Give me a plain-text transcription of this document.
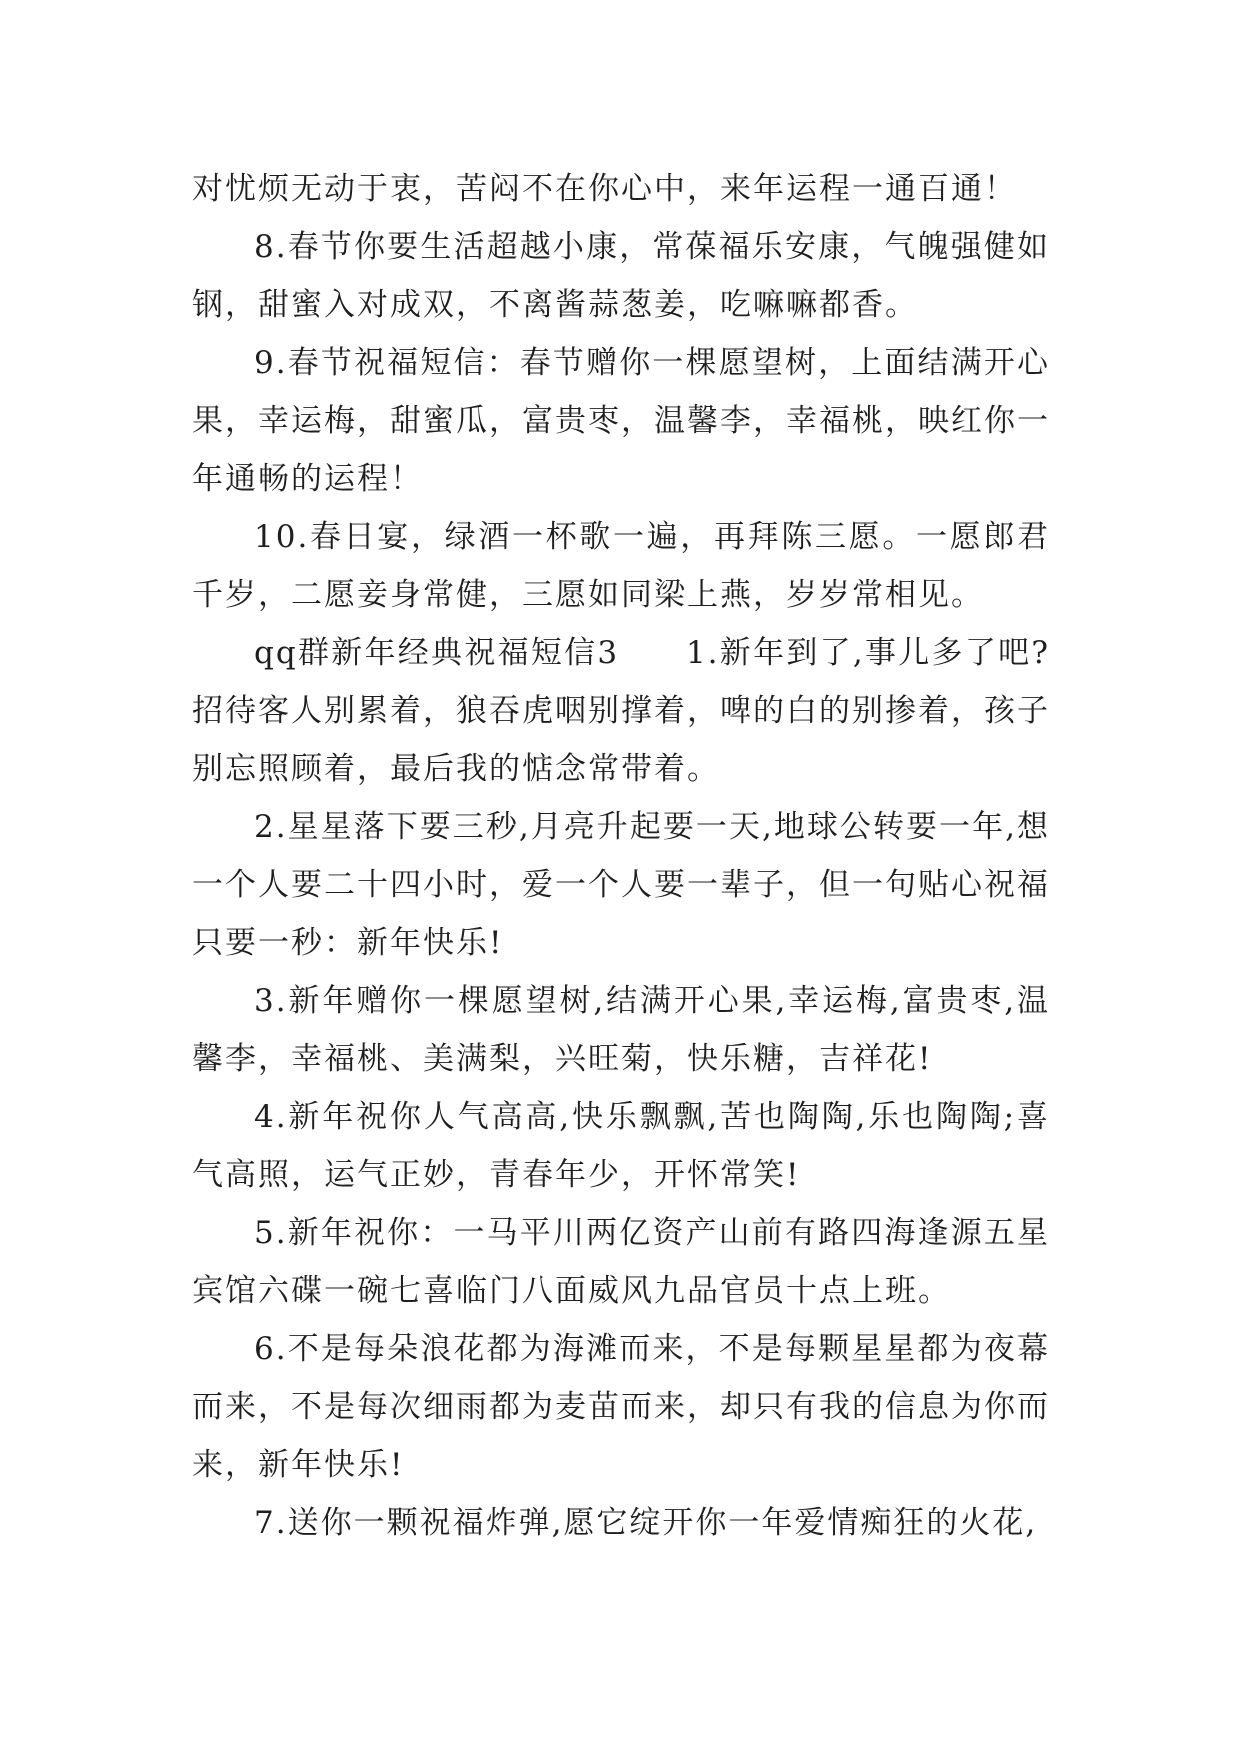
对忧烦无动于衷，苦闷不在你心中，来年运程一通百通！

8.春节你要生活超越小康，常葆福乐安康，气魄强健如钢，甜蜜入对成双，不离酱蒜葱姜，吃嘛嘛都香。

9.春节祝福短信：春节赠你一棵愿望树，上面结满开心果，幸运梅，甜蜜瓜，富贵枣，温馨李，幸福桃，映红你一年通畅的运程！

10.春日宴，绿酒一杯歌一遍，再拜陈三愿。一愿郎君千岁，二愿妾身常健，三愿如同梁上燕，岁岁常相见。

qq群新年经典祝福短信3　　1.新年到了,事儿多了吧?招待客人别累着，狼吞虎咽别撑着，啤的白的别掺着，孩子别忘照顾着，最后我的惦念常带着。

2.星星落下要三秒,月亮升起要一天,地球公转要一年,想一个人要二十四小时，爱一个人要一辈子，但一句贴心祝福只要一秒：新年快乐!

3.新年赠你一棵愿望树,结满开心果,幸运梅,富贵枣,温馨李，幸福桃、美满梨，兴旺菊，快乐糖，吉祥花!

4.新年祝你人气高高,快乐飘飘,苦也陶陶,乐也陶陶;喜气高照，运气正妙，青春年少，开怀常笑!

5.新年祝你：一马平川两亿资产山前有路四海逢源五星宾馆六碟一碗七喜临门八面威风九品官员十点上班。

6.不是每朵浪花都为海滩而来，不是每颗星星都为夜幕而来，不是每次细雨都为麦苗而来，却只有我的信息为你而来，新年快乐!

7.送你一颗祝福炸弹,愿它绽开你一年爱情痴狂的火花,
